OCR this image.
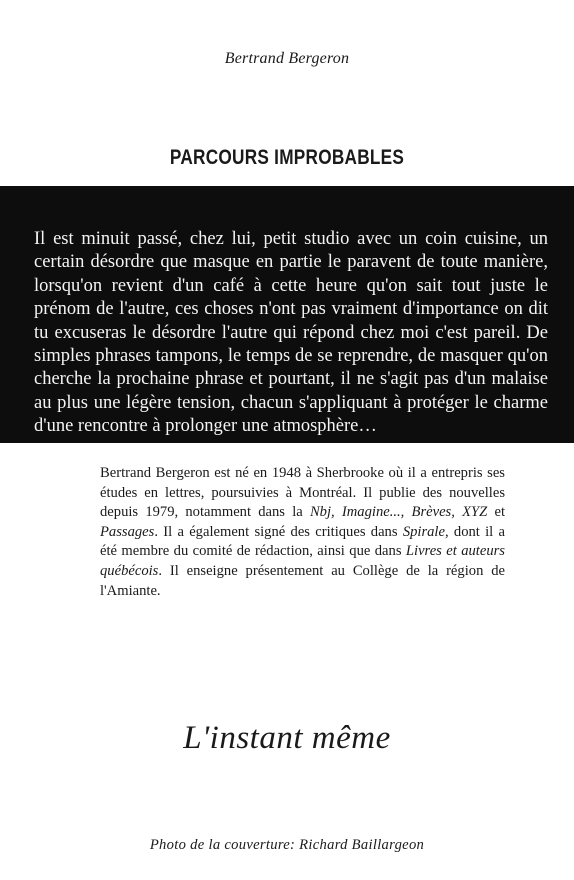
Bertrand Bergeron
PARCOURS IMPROBABLES
Il est minuit passé, chez lui, petit studio avec un coin cuisine, un certain désordre que masque en partie le paravent de toute manière, lorsqu'on revient d'un café à cette heure qu'on sait tout juste le prénom de l'autre, ces choses n'ont pas vraiment d'importance on dit tu excuseras le désordre l'autre qui répond chez moi c'est pareil. De simples phrases tampons, le temps de se reprendre, de masquer qu'on cherche la prochaine phrase et pourtant, il ne s'agit pas d'un malaise au plus une légère tension, chacun s'appliquant à protéger le charme d'une rencontre à prolonger une atmosphère…
Bertrand Bergeron est né en 1948 à Sherbrooke où il a entrepris ses études en lettres, poursuivies à Montréal. Il publie des nouvelles depuis 1979, notamment dans la Nbj, Imagine..., Brèves, XYZ et Passages. Il a également signé des critiques dans Spirale, dont il a été membre du comité de rédaction, ainsi que dans Livres et auteurs québécois. Il enseigne présentement au Collège de la région de l'Amiante.
L'instant même
Photo de la couverture: Richard Baillargeon
